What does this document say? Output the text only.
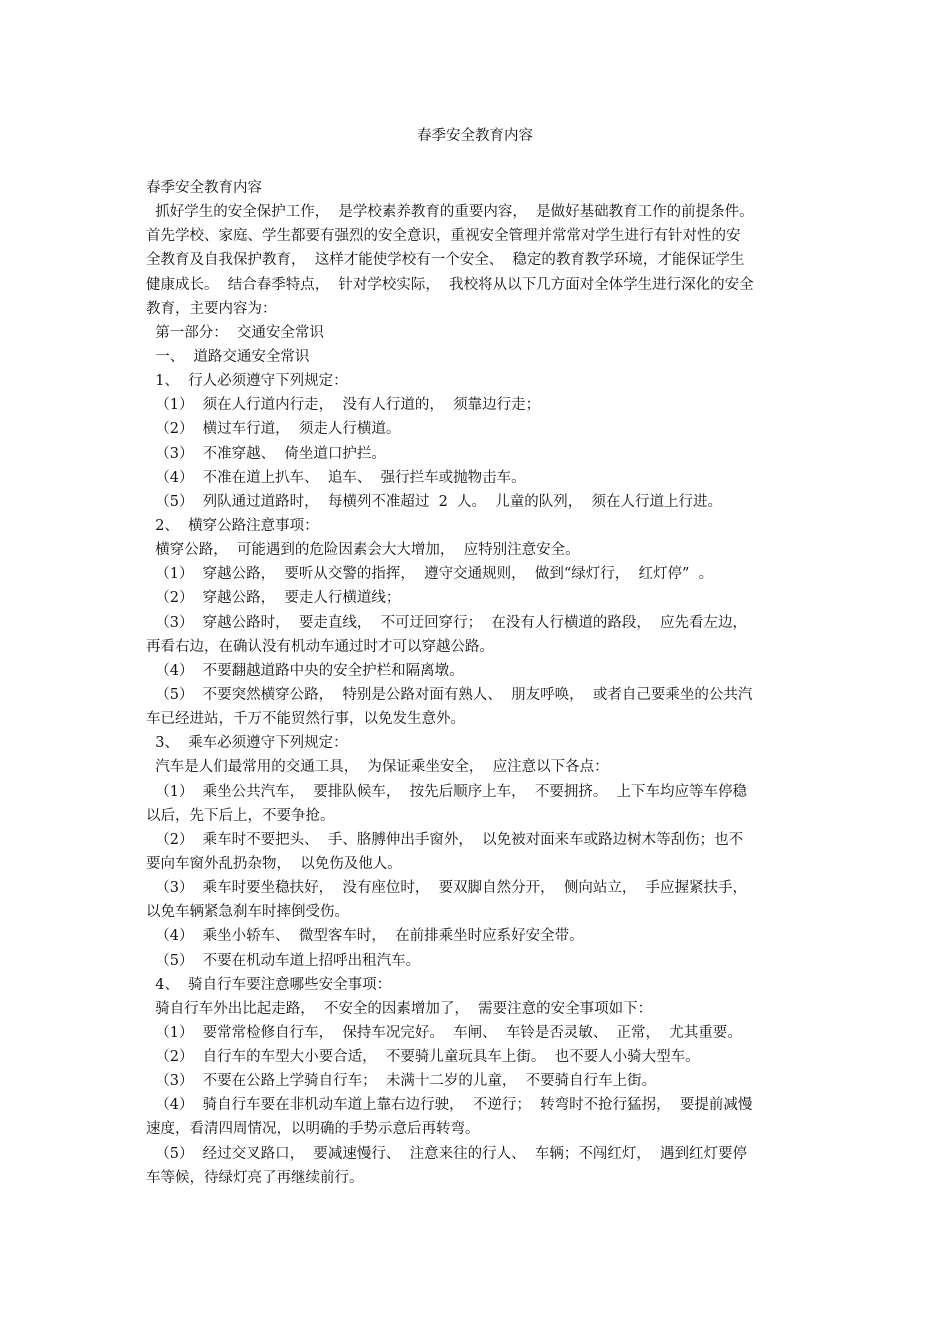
春季安全教育内容

春季安全教育内容

抓好学生的安全保护工作，  是学校素养教育的重要内容，  是做好基础教育工作的前提条件。

首先学校、家庭、学生都要有强烈的安全意识，重视安全管理并常常对学生进行有针对性的安

全教育及自我保护教育，  这样才能使学校有一个安全、  稳定的教育教学环境，才能保证学生

健康成长。  结合春季特点，  针对学校实际，  我校将从以下几方面对全体学生进行深化的安全

教育，主要内容为：

第一部分：  交通安全常识

一、  道路交通安全常识

1、  行人必须遵守下列规定：

（1）  须在人行道内行走，  没有人行道的，  须靠边行走；

（2）  横过车行道，  须走人行横道。

（3）  不准穿越、  倚坐道口护拦。

（4）  不准在道上扒车、  追车、  强行拦车或抛物击车。

（5）  列队通过道路时，  每横列不准超过  2  人。  儿童的队列，  须在人行道上行进。

2、  横穿公路注意事项：

横穿公路，  可能遇到的危险因素会大大增加，  应特别注意安全。

（1）  穿越公路，  要听从交警的指挥，  遵守交通规则，  做到“绿灯行，  红灯停”  。

（2）  穿越公路，  要走人行横道线；

（3）  穿越公路时，  要走直线，  不可迂回穿行；  在没有人行横道的路段，  应先看左边，

再看右边，在确认没有机动车通过时才可以穿越公路。

（4）  不要翻越道路中央的安全护栏和隔离墩。

（5）  不要突然横穿公路，  特别是公路对面有熟人、  朋友呼唤，  或者自己要乘坐的公共汽

车已经进站，千万不能贸然行事，以免发生意外。

3、  乘车必须遵守下列规定：

汽车是人们最常用的交通工具，  为保证乘坐安全，  应注意以下各点：

（1）  乘坐公共汽车，  要排队候车，  按先后顺序上车，  不要拥挤。  上下车均应等车停稳

以后，先下后上，不要争抢。

（2）  乘车时不要把头、  手、胳膊伸出手窗外，  以免被对面来车或路边树木等刮伤；也不

要向车窗外乱扔杂物，  以免伤及他人。

（3）  乘车时要坐稳扶好，  没有座位时，  要双脚自然分开，  侧向站立，  手应握紧扶手，

以免车辆紧急刹车时摔倒受伤。

（4）  乘坐小轿车、  微型客车时，  在前排乘坐时应系好安全带。

（5）  不要在机动车道上招呼出租汽车。

4、  骑自行车要注意哪些安全事项：

骑自行车外出比起走路，  不安全的因素增加了，  需要注意的安全事项如下：

（1）  要常常检修自行车，  保持车况完好。  车闸、  车铃是否灵敏、  正常，  尤其重要。

（2）  自行车的车型大小要合适，  不要骑儿童玩具车上街。  也不要人小骑大型车。

（3）  不要在公路上学骑自行车；  未满十二岁的儿童，  不要骑自行车上街。

（4）  骑自行车要在非机动车道上靠右边行驶，  不逆行；  转弯时不抢行猛拐，  要提前减慢

速度，看清四周情况，以明确的手势示意后再转弯。

（5）  经过交叉路口，  要减速慢行、  注意来往的行人、  车辆；不闯红灯，  遇到红灯要停

车等候，待绿灯亮了再继续前行。
